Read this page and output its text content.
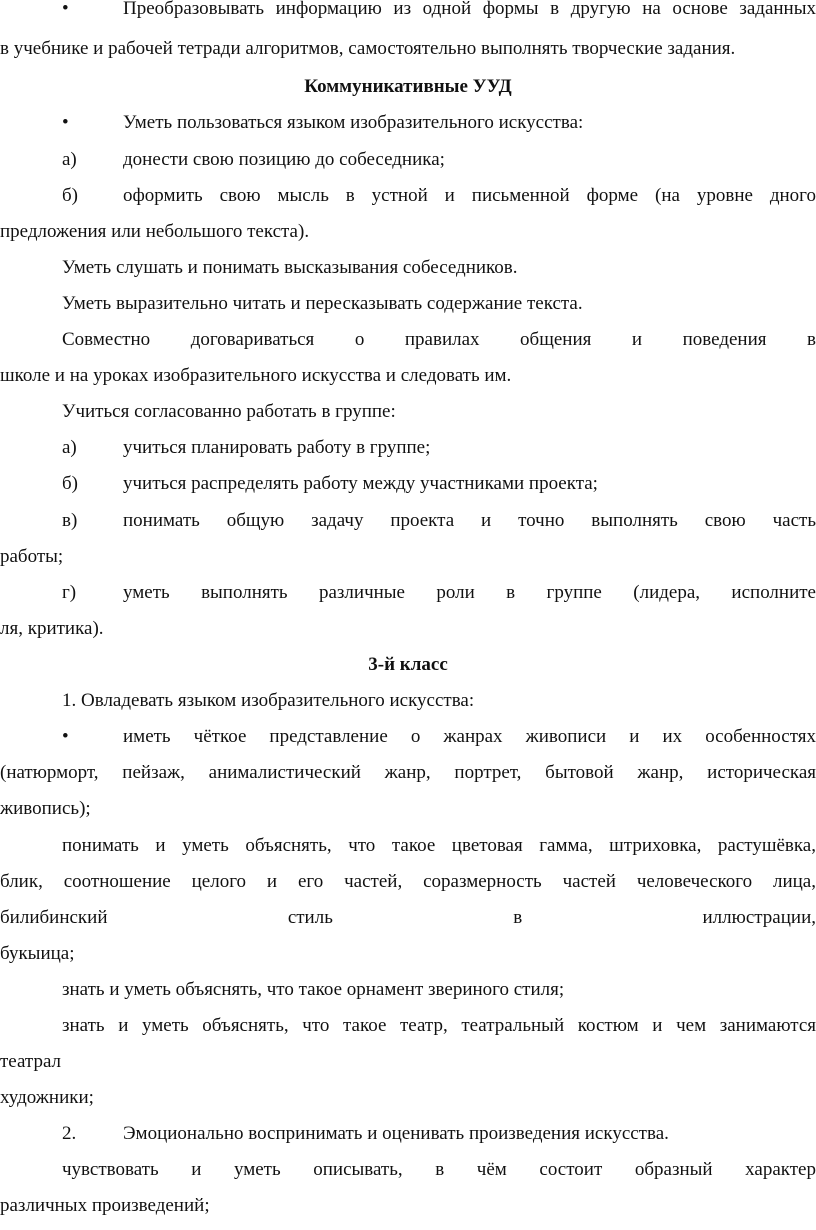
•	Преобразовывать информацию из одной формы в другую на основе заданных
в учебнике и рабочей тетради алгоритмов, самостоятельно выполнять творческие задания.
Коммуникативные УУД
•	Уметь пользоваться языком изобразительного искусства:
а) донести свою позицию до собеседника;
б) оформить свою мысль в устной и письменной форме (на уровне дного
предложения или небольшого текста).
Уметь слушать и понимать высказывания собеседников.
Уметь выразительно читать и пересказывать содержание текста.
Совместно договариваться о правилах общения и поведения в
школе и на уроках изобразительного искусства и следовать им.
Учиться согласованно работать в группе:
а) учиться планировать работу в группе;
б) учиться распределять работу между участниками проекта;
в) понимать общую задачу проекта и точно выполнять свою часть
работы;
г) уметь выполнять различные роли в группе (лидера, исполните
ля, критика).
3-й класс
1. Овладевать языком изобразительного искусства:
•	иметь чёткое представление о жанрах живописи и их особенностях
(натюрморт, пейзаж, анималистический жанр, портрет, бытовой жанр, историческая
живопись);
понимать и уметь объяснять, что такое цветовая гамма, штриховка, растушёвка,
блик, соотношение целого и его частей, соразмерность частей человеческого лица,
билибинский стиль в иллюстрации,
букыица;
знать и уметь объяснять, что такое орнамент звериного стиля;
знать и уметь объяснять, что такое театр, театральный костюм и чем занимаются
театрал
художники;
2. Эмоционально воспринимать и оценивать произведения искусства.
чувствовать и уметь описывать, в чём состоит образный характер
различных произведений;
